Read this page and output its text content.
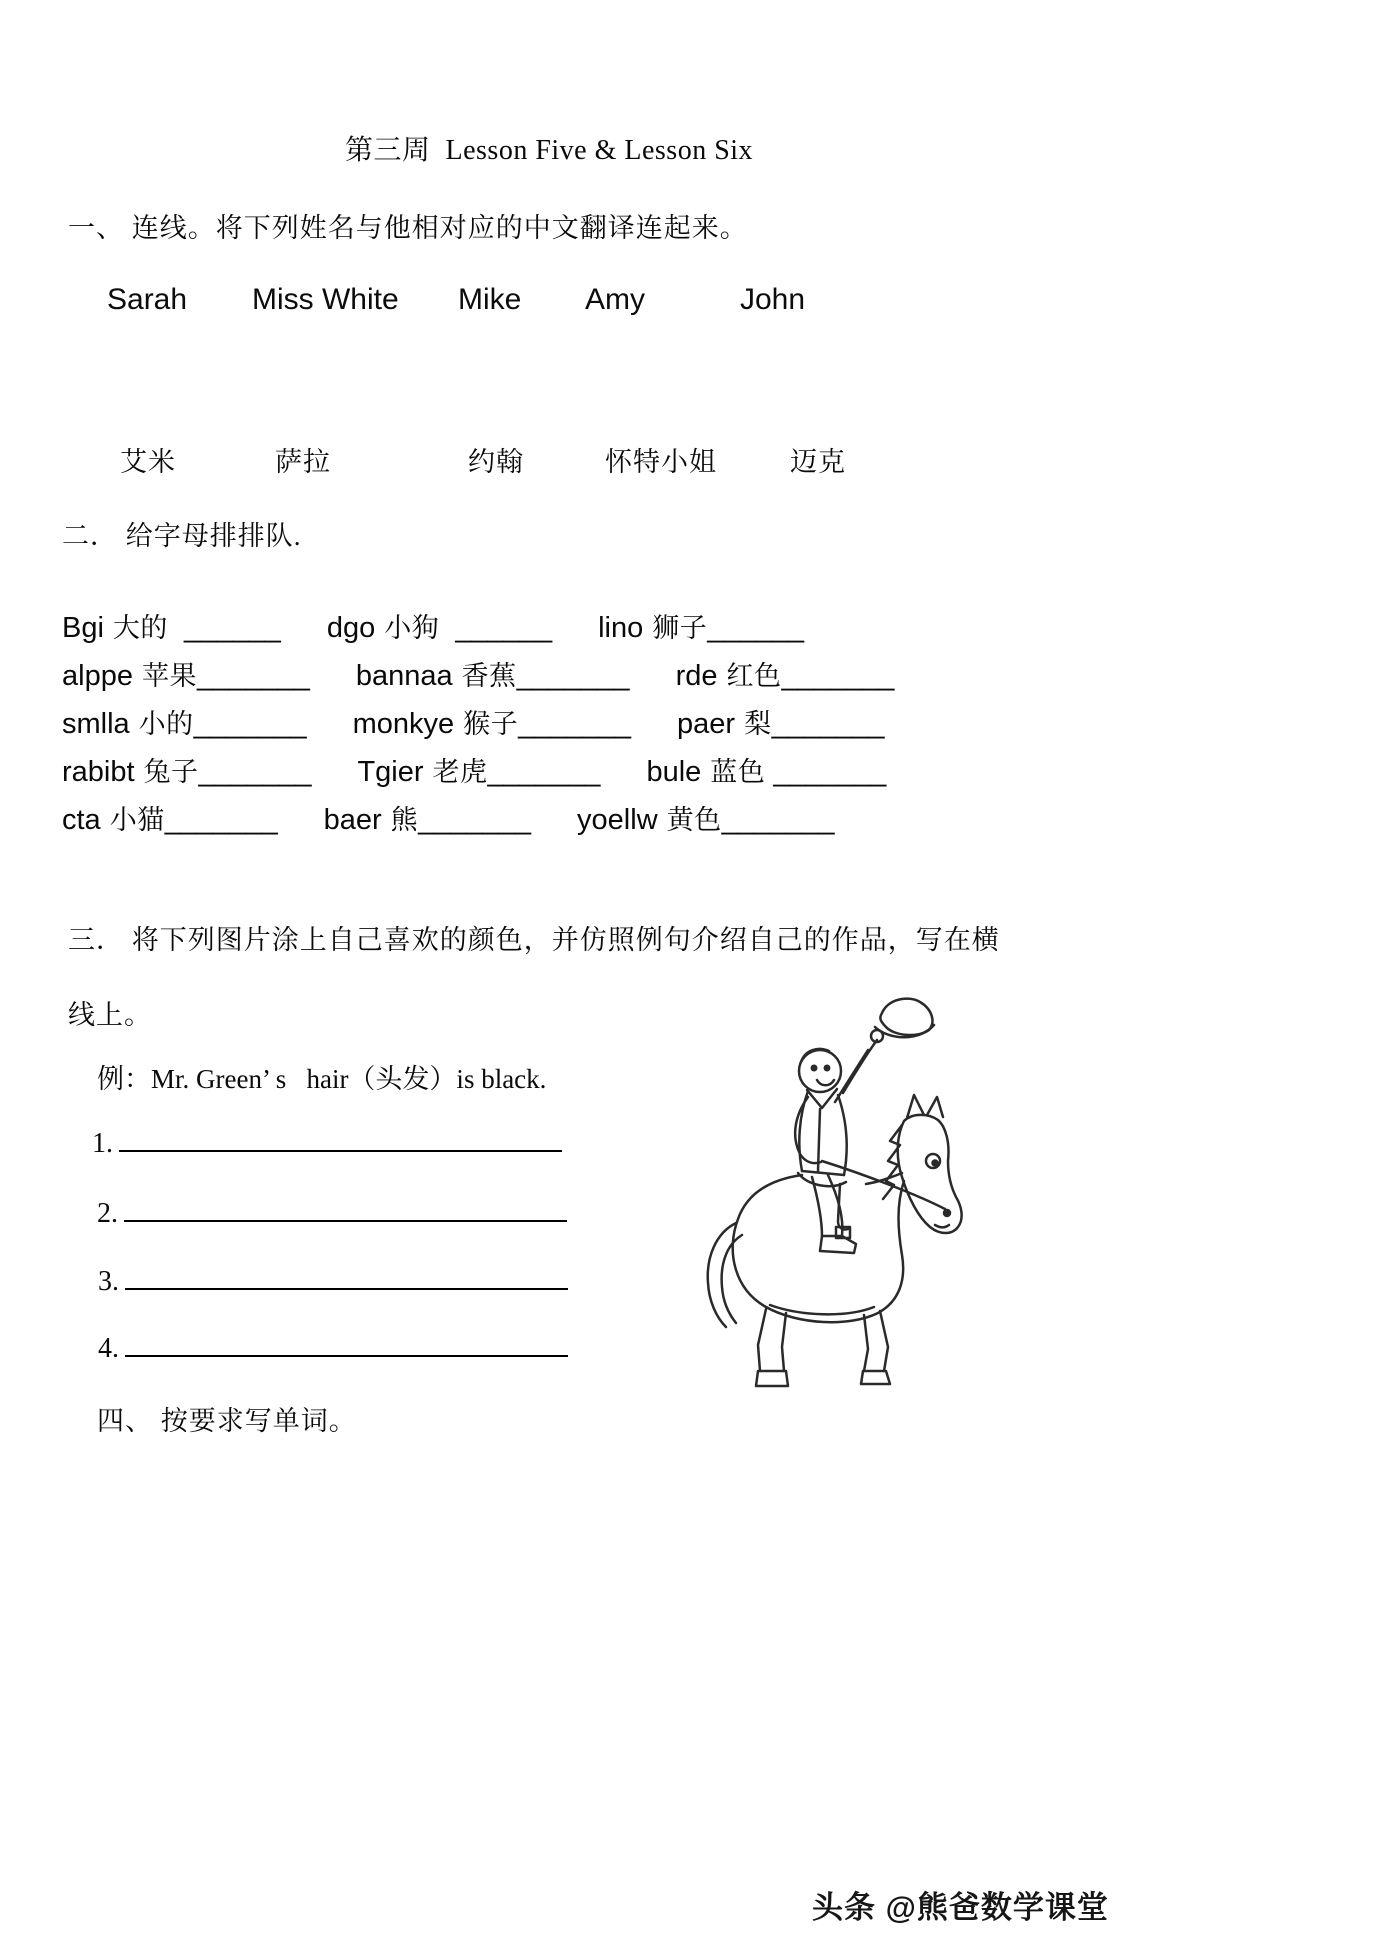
第三周  Lesson Five & Lesson Six
一、 连线。将下列姓名与他相对应的中文翻译连起来。
Sarah Miss White Mike Amy	John
艾米	萨拉	约翰	怀特小姐	迈克
二． 给字母排排队.
Bgi 大的  ______ dgo 小狗  ______ lino 狮子______
alppe 苹果_______ bannaa 香蕉_______ rde 红色_______
smlla 小的_______ monkye 猴子_______ paer 梨_______
rabibt 兔子_______ Tgier 老虎_______ bule 蓝色 _______
cta 小猫_______ baer 熊_______ yoellw 黄色_______
三． 将下列图片涂上自己喜欢的颜色，并仿照例句介绍自己的作品，写在横
线上。
例：Mr. Green’ s   hair（头发）is black.
1.
2.
3.
4.
四、 按要求写单词。
头条 @熊爸数学课堂
